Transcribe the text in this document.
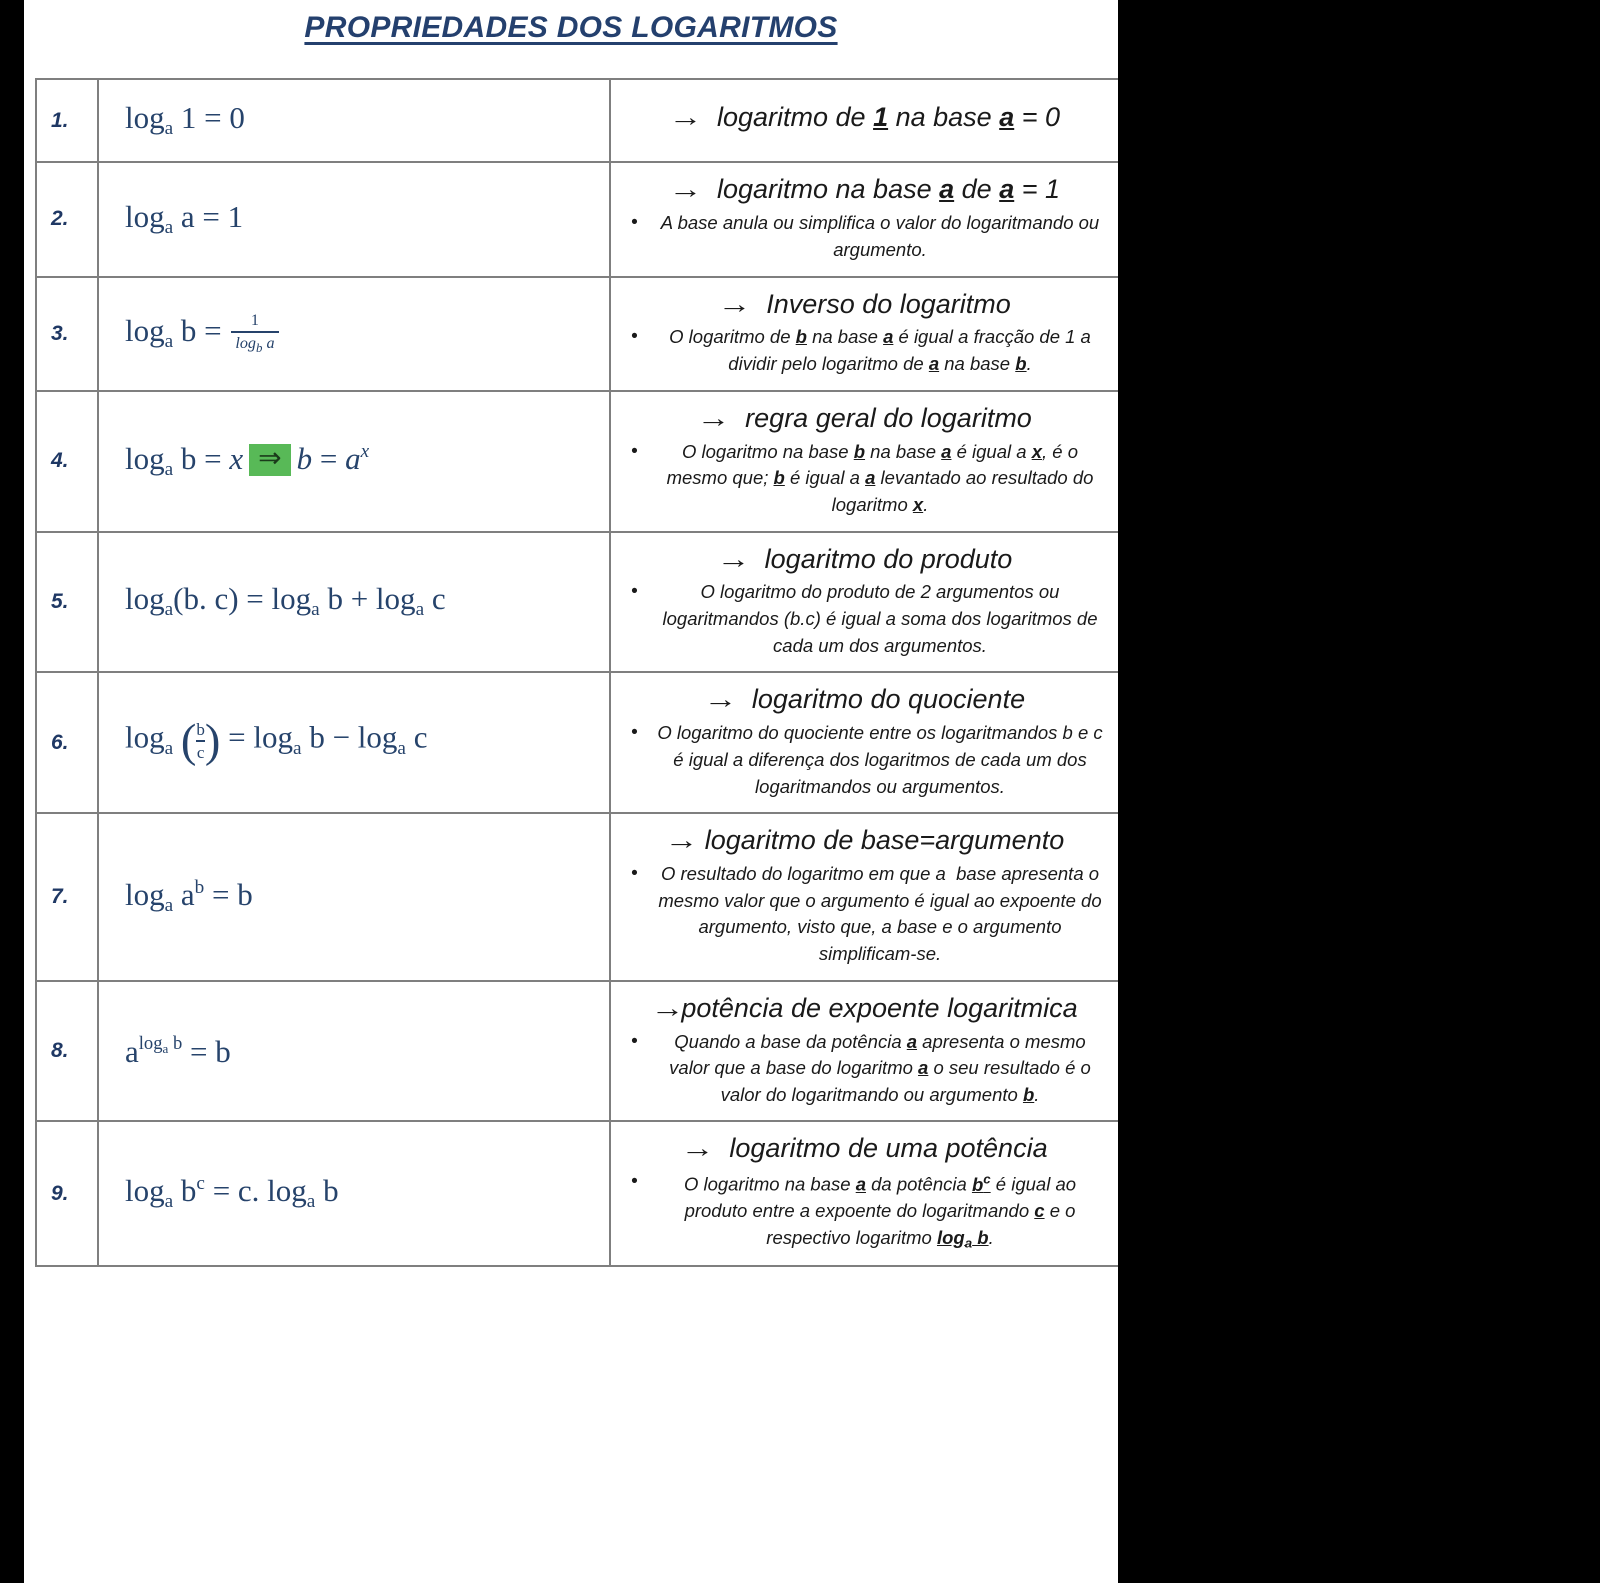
PROPRIEDADES DOS LOGARITMOS
1.	$\log_a 1 = 0$	→ logaritmo de 1 na base a = 0

2.	$\log_a a = 1$	→ logaritmo na base a de a = 1
• A base anula ou simplifica o valor do logaritmando ou argumento.

3.	$\log_a b = \frac{1}{\log_b a}$	→ Inverso do logaritmo
• O logaritmo de b na base a é igual a fracção de 1 a dividir pelo logaritmo de a na base b.

4.	$\log_a b = x$ ⇒ $b = a^x$	→ regra geral do logaritmo
• O logaritmo na base b na base a é igual a x, é o mesmo que; b é igual a a levantado ao resultado do logaritmo x.

5.	$\log_a(b$. $c) = \log_a b + \log_a c$	→ logaritmo do produto
• O logaritmo do produto de 2 argumentos ou logaritmandos (b.c) é igual a soma dos logaritmos de cada um dos argumentos.

6.	$\log_a$ ( $\frac{b}{c}$ ) = $\log_a b - \log_a c$	→ logaritmo do quociente
• O logaritmo do quociente entre os logaritmandos b e c é igual a diferença dos logaritmos de cada um dos logaritmandos ou argumentos.

7.	$\log_a a^b = b$	→ logaritmo de base=argumento
• O resultado do logaritmo em que a  base apresenta o mesmo valor que o argumento é igual ao expoente do argumento, visto que, a base e o argumento simplificam-se.

8.	$a^{log_a b} = b$	→potência de expoente logaritmica
• Quando a base da potência a apresenta o mesmo valor que a base do logaritmo a o seu resultado é o valor do logaritmando ou argumento b.

9.	$\log_a b^c = c$. $\log_a b$	→ logaritmo de uma potência
• O logaritmo na base a da potência $b^c$ é igual ao produto entre a expoente do logaritmando c e o respectivo logaritmo $\log_a b$.
